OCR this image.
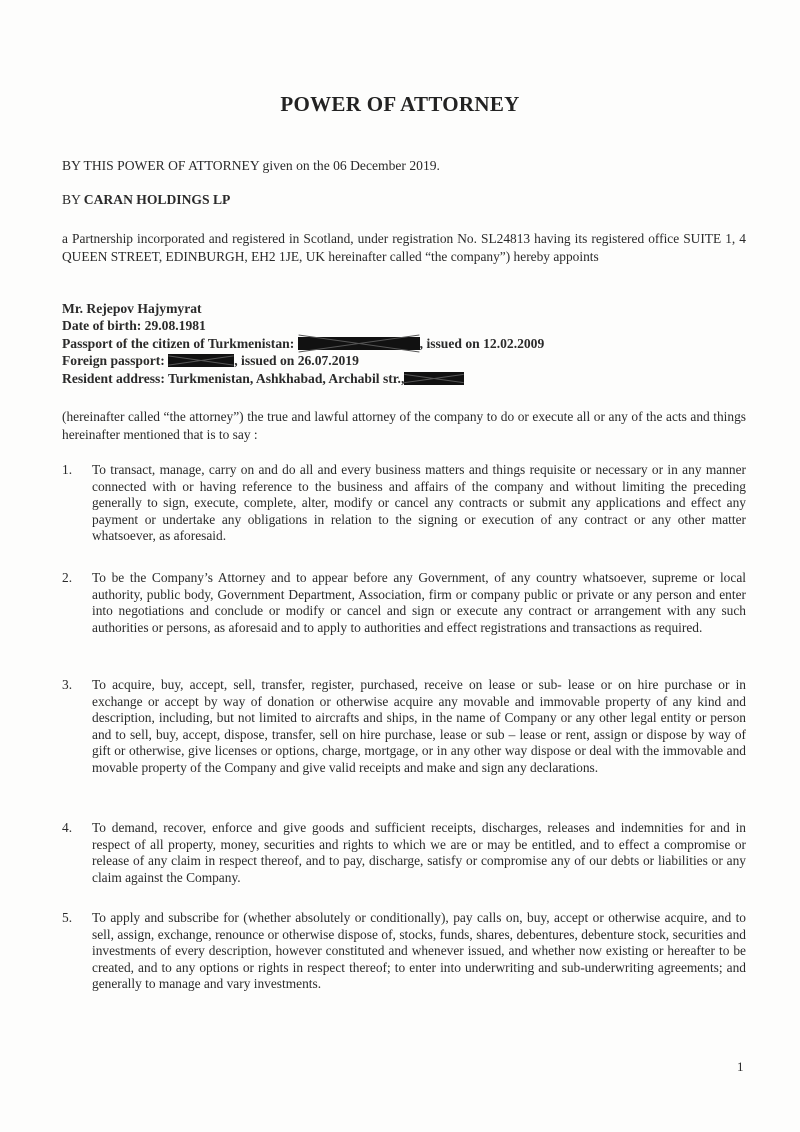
POWER OF ATTORNEY
BY THIS POWER OF ATTORNEY given on the 06 December 2019.
BY CARAN HOLDINGS LP
a Partnership incorporated and registered in Scotland, under registration No. SL24813 having its registered office SUITE 1, 4 QUEEN STREET, EDINBURGH, EH2 1JE, UK hereinafter called “the company”) hereby appoints
Mr. Rejepov Hajymyrat
Date of birth: 29.08.1981
Passport of the citizen of Turkmenistan:	, issued on 12.02.2009
Foreign passport:	, issued on 26.07.2019
Resident address: Turkmenistan, Ashkhabad, Archabil str.,
(hereinafter called “the attorney”) the true and lawful attorney of the company to do or execute all or any of the acts and things hereinafter mentioned that is to say :
1.	To transact, manage, carry on and do all and every business matters and things requisite or necessary or in any manner connected with or having reference to the business and affairs of the company and without limiting the preceding generally to sign, execute, complete, alter, modify or cancel any contracts or submit any applications and effect any payment or undertake any obligations in relation to the signing or execution of any contract or any other matter whatsoever, as aforesaid.
2.	To be the Company’s Attorney and to appear before any Government, of any country whatsoever, supreme or local authority, public body, Government Department, Association, firm or company public or private or any person and enter into negotiations and conclude or modify or cancel and sign or execute any contract or arrangement with any such authorities or persons, as aforesaid and to apply to authorities and effect registrations and transactions as required.
3.	To acquire, buy, accept, sell, transfer, register, purchased, receive on lease or sub- lease or on hire purchase or in exchange or accept by way of donation or otherwise acquire any movable and immovable property of any kind and description, including, but not limited to aircrafts and ships, in the name of Company or any other legal entity or person and to sell, buy, accept, dispose, transfer, sell on hire purchase, lease or sub – lease or rent, assign or dispose by way of gift or otherwise, give licenses or options, charge, mortgage, or in any other way dispose or deal with the immovable and movable property of the Company and give valid receipts and make and sign any declarations.
4.	To demand, recover, enforce and give goods and sufficient receipts, discharges, releases and indemnities for and in respect of all property, money, securities and rights to which we are or may be entitled, and to effect a compromise or release of any claim in respect thereof, and to pay, discharge, satisfy or compromise any of our debts or liabilities or any claim against the Company.
5.	To apply and subscribe for (whether absolutely or conditionally), pay calls on, buy, accept or otherwise acquire, and to sell, assign, exchange, renounce or otherwise dispose of, stocks, funds, shares, debentures, debenture stock, securities and investments of every description, however constituted and whenever issued, and whether now existing or hereafter to be created, and to any options or rights in respect thereof; to enter into underwriting and sub-underwriting agreements; and generally to manage and vary investments.
1
